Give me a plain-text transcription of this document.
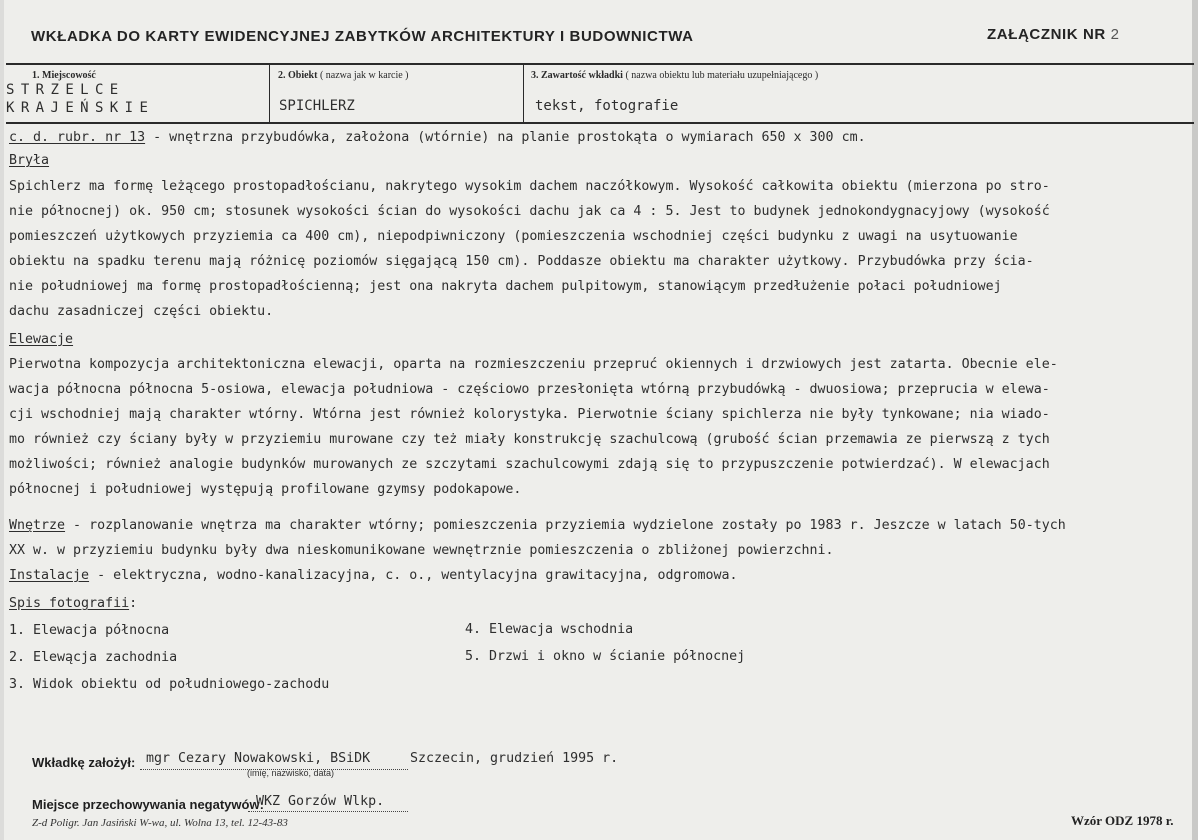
WKŁADKA DO KARTY EWIDENCYJNEJ ZABYTKÓW ARCHITEKTURY I BUDOWNICTWA	ZAŁĄCZNIK NR 2
1. Miejscowość	2. Obiekt ( nazwa jak w karcie )	3. Zawartość wkładki ( nazwa obiektu lub materiału uzupełniającego )
STRZELCE
KRAJEŃSKIE	SPICHLERZ	tekst, fotografie
c. d. rubr. nr 13 - wnętrzna przybudówka, założona (wtórnie) na planie prostokąta o wymiarach 650 x 300 cm.
Bryła
Spichlerz ma formę leżącego prostopadłościanu, nakrytego wysokim dachem naczółkowym. Wysokość całkowita obiektu (mierzona po stro-
nie północnej) ok. 950 cm; stosunek wysokości ścian do wysokości dachu jak ca 4 : 5. Jest to budynek jednokondygnacyjowy (wysokość
pomieszczeń użytkowych przyziemia ca 400 cm), niepodpiwniczony (pomieszczenia wschodniej części budynku z uwagi na usytuowanie
obiektu na spadku terenu mają różnicę poziomów sięgającą 150 cm). Poddasze obiektu ma charakter użytkowy. Przybudówka przy ścia-
nie południowej ma formę prostopadłościenną; jest ona nakryta dachem pulpitowym, stanowiącym przedłużenie połaci południowej
dachu zasadniczej części obiektu.
Elewacje
Pierwotna kompozycja architektoniczna elewacji, oparta na rozmieszczeniu przepruć okiennych i drzwiowych jest zatarta. Obecnie ele-
wacja północna północna 5-osiowa, elewacja południowa - częściowo przesłonięta wtórną przybudówką - dwuosiowa; przeprucia w elewa-
cji wschodniej mają charakter wtórny. Wtórna jest również kolorystyka. Pierwotnie ściany spichlerza nie były tynkowane; nia wiado-
mo również czy ściany były w przyziemiu murowane czy też miały konstrukcję szachulcową (grubość ścian przemawia ze pierwszą z tych
możliwości; również analogie budynków murowanych ze szczytami szachulcowymi zdają się to przypuszczenie potwierdzać). W elewacjach
północnej i południowej występują profilowane gzymsy podokapowe.
Wnętrze - rozplanowanie wnętrza ma charakter wtórny; pomieszczenia przyziemia wydzielone zostały po 1983 r. Jeszcze w latach 50-tych
XX w. w przyziemiu budynku były dwa nieskomunikowane wewnętrznie pomieszczenia o zbliżonej powierzchni.
Instalacje - elektryczna, wodno-kanalizacyjna, c. o., wentylacyjna grawitacyjna, odgromowa.
Spis fotografii:
1. Elewacja północna
2. Elewącja zachodnia
3. Widok obiektu od południowego-zachodu
4. Elewacja wschodnia
5. Drzwi i okno w ścianie północnej
Wkładkę założył: mgr Cezary Nowakowski, BSiDK	Szczecin, grudzień 1995 r.
(imię, nazwisko, data)
Miejsce przechowywania negatywów:
WKZ Gorzów Wlkp.
Z-d Poligr. Jan Jasiński W-wa, ul. Wolna 13, tel. 12-43-83	Wzór ODZ 1978 r.
